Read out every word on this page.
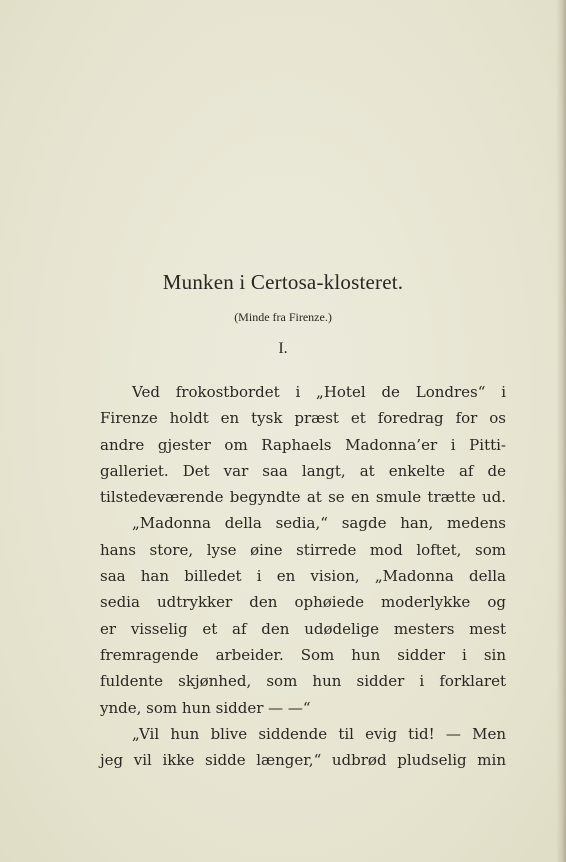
Munken i Certosa-klosteret.
(Minde fra Firenze.)
I.
Ved frokostbordet i „Hotel de Londres“ i
Firenze holdt en tysk præst et foredrag for os
andre gjester om Raphaels Madonna’er i Pitti-
galleriet. Det var saa langt, at enkelte af de
tilstedeværende begyndte at se en smule trætte ud.
„Madonna della sedia,“ sagde han, medens
hans store, lyse øine stirrede mod loftet, som
saa han billedet i en vision, „Madonna della
sedia udtrykker den ophøiede moderlykke og
er visselig et af den udødelige mesters mest
fremragende arbeider. Som hun sidder i sin
fuldente skjønhed, som hun sidder i forklaret
ynde, som hun sidder — —“
„Vil hun blive siddende til evig tid! — Men
jeg vil ikke sidde længer,“ udbrød pludselig min
